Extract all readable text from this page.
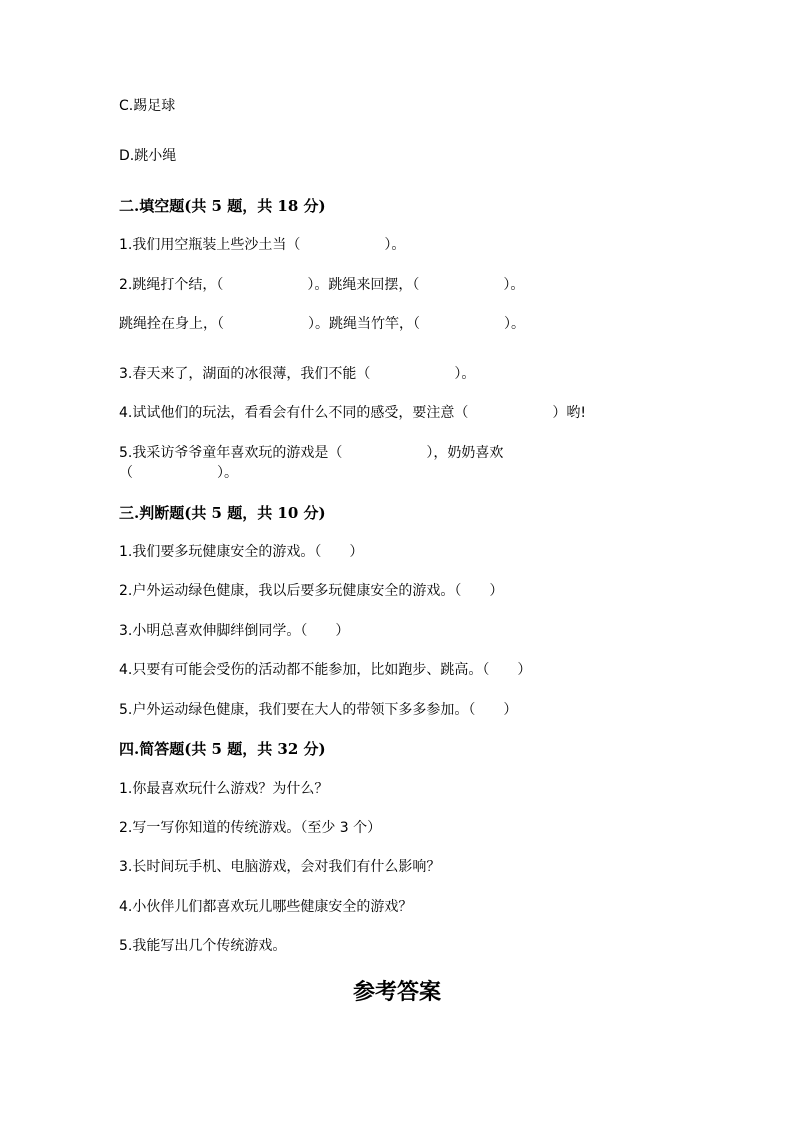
C.踢足球
D.跳小绳
二.填空题(共 5 题，共 18 分)
1.我们用空瓶装上些沙土当（　　　　　　）。
2.跳绳打个结，（　　　　　　）。跳绳来回摆，（　　　　　　）。
跳绳拴在身上，（　　　　　　）。跳绳当竹竿，（　　　　　　）。
3.春天来了，湖面的冰很薄，我们不能（　　　　　　）。
4.试试他们的玩法，看看会有什么不同的感受，要注意（　　　　　　）哟!
5.我采访爷爷童年喜欢玩的游戏是（　　　　　　），奶奶喜欢
（　　　　　　）。
三.判断题(共 5 题，共 10 分)
1.我们要多玩健康安全的游戏。（　　）
2.户外运动绿色健康，我以后要多玩健康安全的游戏。（　　）
3.小明总喜欢伸脚绊倒同学。（　　）
4.只要有可能会受伤的活动都不能参加，比如跑步、跳高。（　　）
5.户外运动绿色健康，我们要在大人的带领下多多参加。（　　）
四.简答题(共 5 题，共 32 分)
1.你最喜欢玩什么游戏？为什么？
2.写一写你知道的传统游戏。（至少 3 个）
3.长时间玩手机、电脑游戏，会对我们有什么影响？
4.小伙伴儿们都喜欢玩儿哪些健康安全的游戏？
5.我能写出几个传统游戏。
参考答案
